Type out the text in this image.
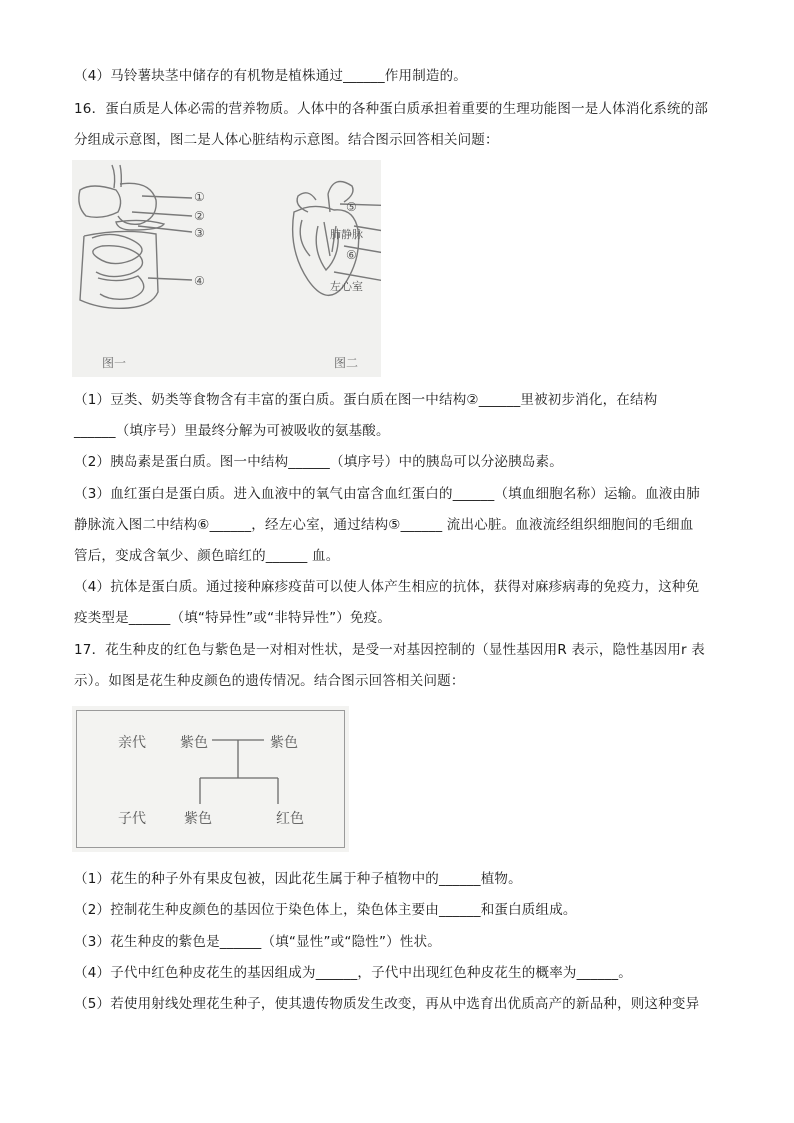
（4）马铃薯块茎中储存的有机物是植株通过______作用制造的。
16．蛋白质是人体必需的营养物质。人体中的各种蛋白质承担着重要的生理功能图一是人体消化系统的部
分组成示意图，图二是人体心脏结构示意图。结合图示回答相关问题：
①
②
③
④
⑤
肺静脉
⑥
左心室
图一	图二
（1）豆类、奶类等食物含有丰富的蛋白质。蛋白质在图一中结构②______里被初步消化，在结构
______（填序号）里最终分解为可被吸收的氨基酸。
（2）胰岛素是蛋白质。图一中结构______（填序号）中的胰岛可以分泌胰岛素。
（3）血红蛋白是蛋白质。进入血液中的氧气由富含血红蛋白的______（填血细胞名称）运输。血液由肺
静脉流入图二中结构⑥______，经左心室，通过结构⑤______ 流出心脏。血液流经组织细胞间的毛细血
管后，变成含氧少、颜色暗红的______ 血。
（4）抗体是蛋白质。通过接种麻疹疫苗可以使人体产生相应的抗体，获得对麻疹病毒的免疫力，这种免
疫类型是______（填“特异性”或“非特异性”）免疫。
17．花生种皮的红色与紫色是一对相对性状，是受一对基因控制的（显性基因用R 表示，隐性基因用r 表
示）。如图是花生种皮颜色的遗传情况。结合图示回答相关问题：
亲代 紫色	紫色
子代	紫色	红色
（1）花生的种子外有果皮包被，因此花生属于种子植物中的______植物。
（2）控制花生种皮颜色的基因位于染色体上，染色体主要由______和蛋白质组成。
（3）花生种皮的紫色是______（填“显性”或“隐性”）性状。
（4）子代中红色种皮花生的基因组成为______，子代中出现红色种皮花生的概率为______。
（5）若使用射线处理花生种子，使其遗传物质发生改变，再从中选育出优质高产的新品种，则这种变异
